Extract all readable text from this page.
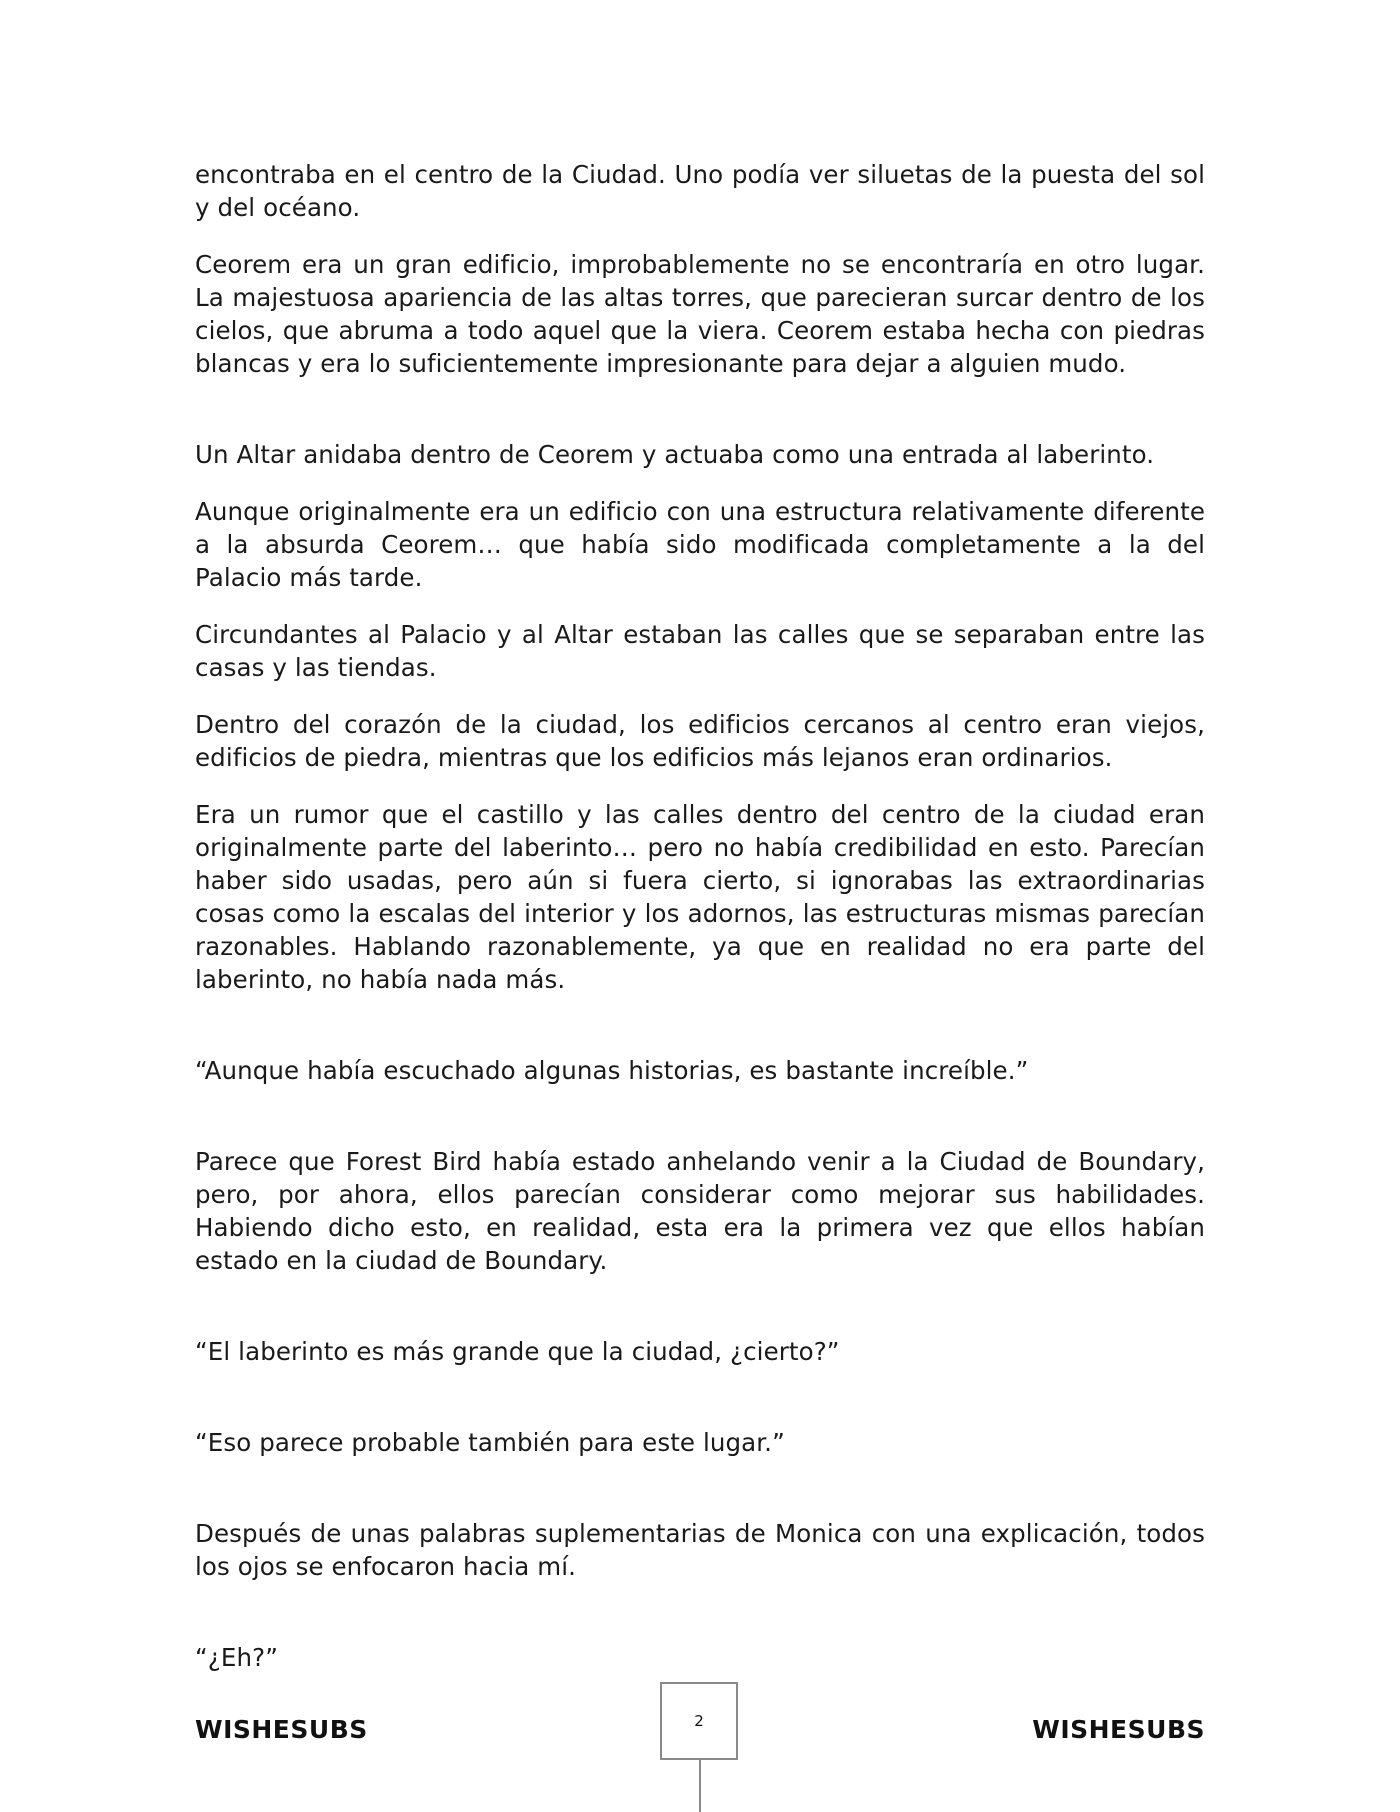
encontraba en el centro de la Ciudad. Uno podía ver siluetas de la puesta del sol y del océano.

Ceorem era un gran edificio, improbablemente no se encontraría en otro lugar. La majestuosa apariencia de las altas torres, que parecieran surcar dentro de los cielos, que abruma a todo aquel que la viera. Ceorem estaba hecha con piedras blancas y era lo suficientemente impresionante para dejar a alguien mudo.

Un Altar anidaba dentro de Ceorem y actuaba como una entrada al laberinto.

Aunque originalmente era un edificio con una estructura relativamente diferente a la absurda Ceorem… que había sido modificada completamente a la del Palacio más tarde.

Circundantes al Palacio y al Altar estaban las calles que se separaban entre las casas y las tiendas.

Dentro del corazón de la ciudad, los edificios cercanos al centro eran viejos, edificios de piedra, mientras que los edificios más lejanos eran ordinarios.

Era un rumor que el castillo y las calles dentro del centro de la ciudad eran originalmente parte del laberinto… pero no había credibilidad en esto. Parecían haber sido usadas, pero aún si fuera cierto, si ignorabas las extraordinarias cosas como la escalas del interior y los adornos, las estructuras mismas parecían razonables. Hablando razonablemente, ya que en realidad no era parte del laberinto, no había nada más.

“Aunque había escuchado algunas historias, es bastante increíble.”

Parece que Forest Bird había estado anhelando venir a la Ciudad de Boundary, pero, por ahora, ellos parecían considerar como mejorar sus habilidades. Habiendo dicho esto, en realidad, esta era la primera vez que ellos habían estado en la ciudad de Boundary.

“El laberinto es más grande que la ciudad, ¿cierto?”

“Eso parece probable también para este lugar.”

Después de unas palabras suplementarias de Monica con una explicación, todos los ojos se enfocaron hacia mí.

“¿Eh?”

WISHESUBS	2	WISHESUBS
